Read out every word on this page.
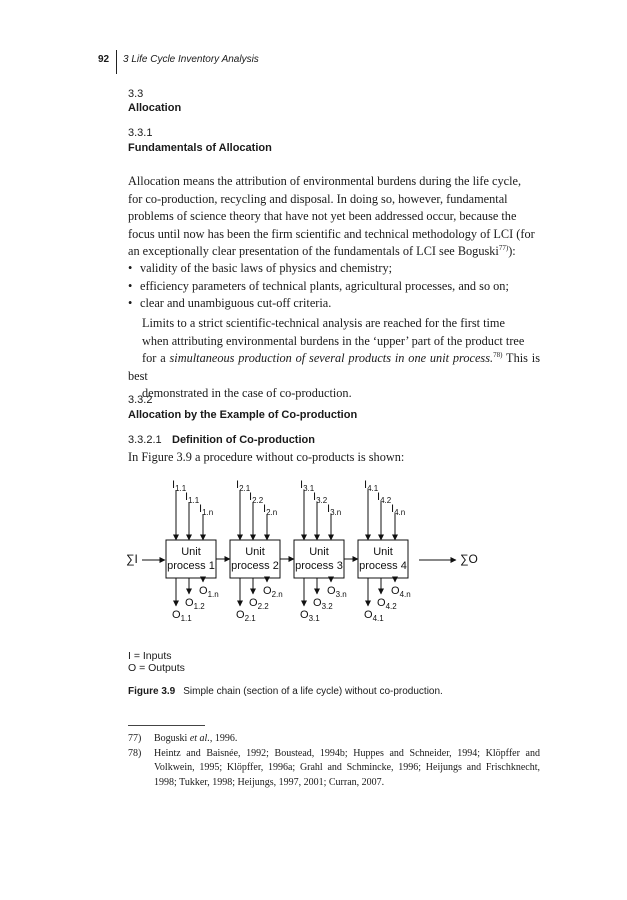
92 3 Life Cycle Inventory Analysis
3.3
Allocation
3.3.1
Fundamentals of Allocation

Allocation means the attribution of environmental burdens during the life cycle,

for co-production, recycling and disposal. In doing so, however, fundamental

problems of science theory that have not yet been addressed occur, because the

focus until now has been the firm scientific and technical methodology of LCI (for

an exceptionally clear presentation of the fundamentals of LCI see Boguski$^{77)}$):

• validity of the basic laws of physics and chemistry;
• efficiency parameters of technical plants, agricultural processes, and so on;
• clear and unambiguous cut-off criteria.

Limits to a strict scientific-technical analysis are reached for the first time

when attributing environmental burdens in the ‘upper’ part of the product tree

for a simultaneous production of several products in one unit process.$^{78)}$ This is best

demonstrated in the case of co-production.

3.3.2
Allocation by the Example of Co-production
3.3.2.1 Definition of Co-production
In Figure 3.9 a procedure without co-products is shown:
∑I	∑O
Unit
process 1
$I_{1.1}$
$I_{1.1}$
$I_{1.n}$
$O_{1.1}$
$O_{1.2}$
$O_{1.n}$
Unit
process 2
$I_{2.1}$
$I_{2.2}$
$I_{2.n}$
$O_{2.1}$
$O_{2.2}$
$O_{2.n}$
Unit
process 3
$I_{3.1}$
$I_{3.2}$
$I_{3.n}$
$O_{3.1}$
$O_{3.2}$
$O_{3.n}$
Unit
process 4
$I_{4.1}$
$I_{4.2}$
$I_{4.n}$
$O_{4.1}$
$O_{4.2}$
$O_{4.n}$
I = Inputs
O = Outputs
Figure 3.9 Simple chain (section of a life cycle) without co-production.
77) Boguski et al., 1996.
78) Heintz and Baisnée, 1992; Boustead, 1994b; Huppes and Schneider, 1994; Klöpffer and Volkwein, 1995; Klöpffer, 1996a; Grahl and Schmincke, 1996; Heijungs and Frischknecht, 1998; Tukker, 1998; Heijungs, 1997, 2001; Curran, 2007.
